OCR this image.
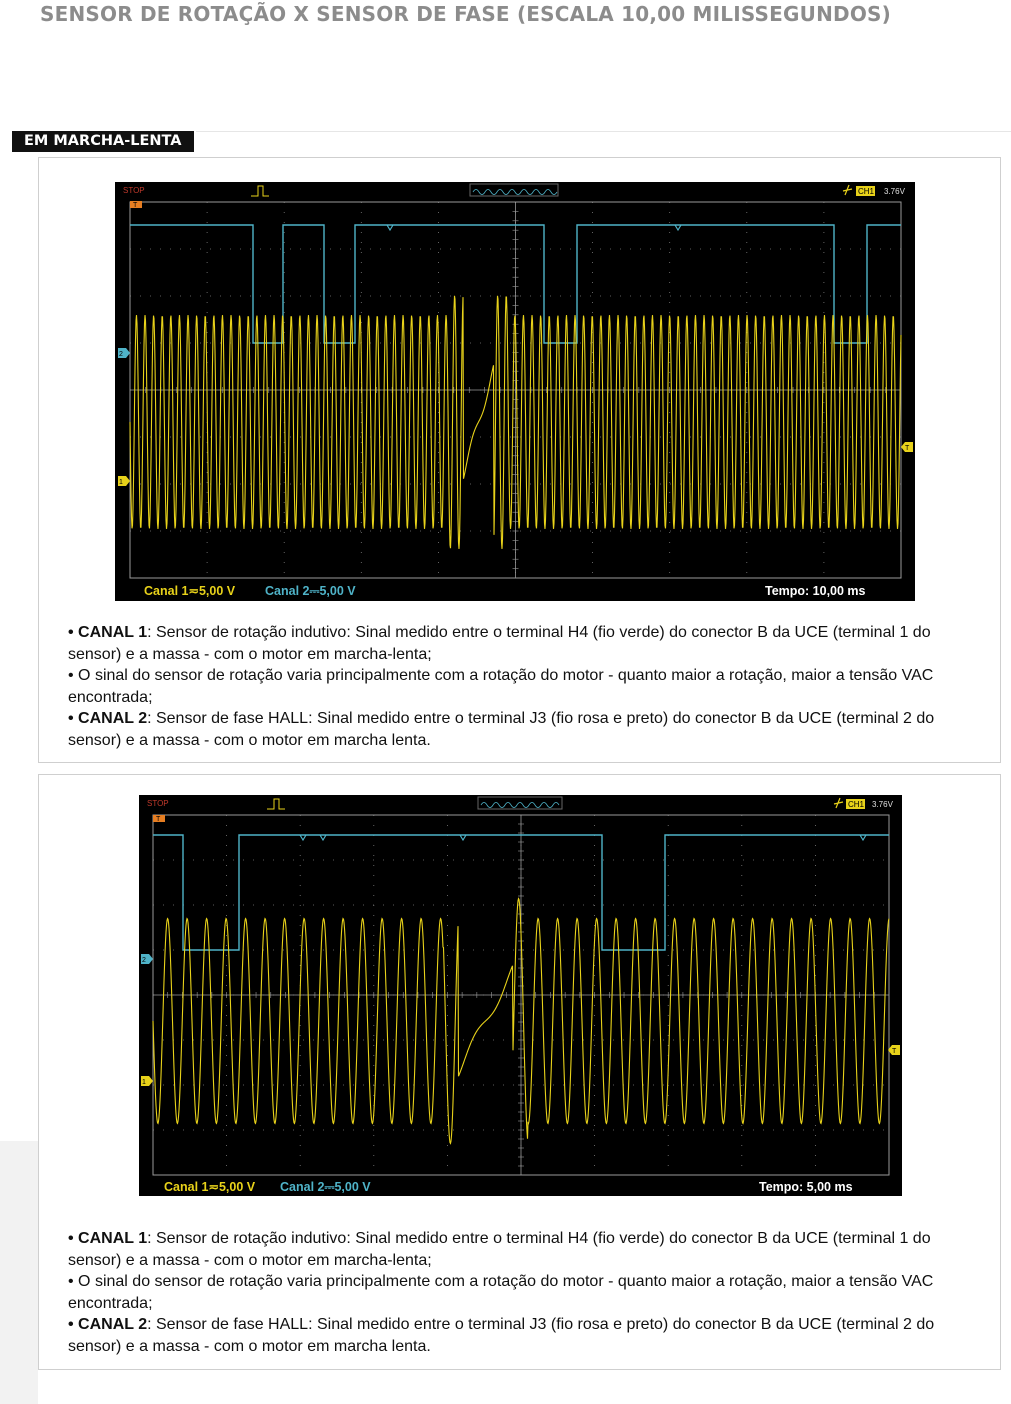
SENSOR DE ROTAÇÃO X SENSOR DE FASE (ESCALA 10,00 MILISSEGUNDOS)
EM MARCHA-LENTA
STOP	CH1 3.76V
T
2
1
T
Canal 1≂5,00 V Canal 2⎓5,00 V	Tempo: 10,00 ms

• CANAL 1: Sensor de rotação indutivo: Sinal medido entre o terminal H4 (fio verde) do conector B da UCE (terminal 1 do sensor) e a massa - com o motor em marcha-lenta;

• O sinal do sensor de rotação varia principalmente com a rotação do motor - quanto maior a rotação, maior a tensão VAC encontrada;

• CANAL 2: Sensor de fase HALL: Sinal medido entre o terminal J3 (fio rosa e preto) do conector B da UCE (terminal 2 do sensor) e a massa - com o motor em marcha lenta.

STOP	CH1 3.76V
T
2
1
T
Canal 1≂5,00 V Canal 2⎓5,00 V	Tempo: 5,00 ms

• CANAL 1: Sensor de rotação indutivo: Sinal medido entre o terminal H4 (fio verde) do conector B da UCE (terminal 1 do sensor) e a massa - com o motor em marcha-lenta;

• O sinal do sensor de rotação varia principalmente com a rotação do motor - quanto maior a rotação, maior a tensão VAC encontrada;

• CANAL 2: Sensor de fase HALL: Sinal medido entre o terminal J3 (fio rosa e preto) do conector B da UCE (terminal 2 do sensor) e a massa - com o motor em marcha lenta.
